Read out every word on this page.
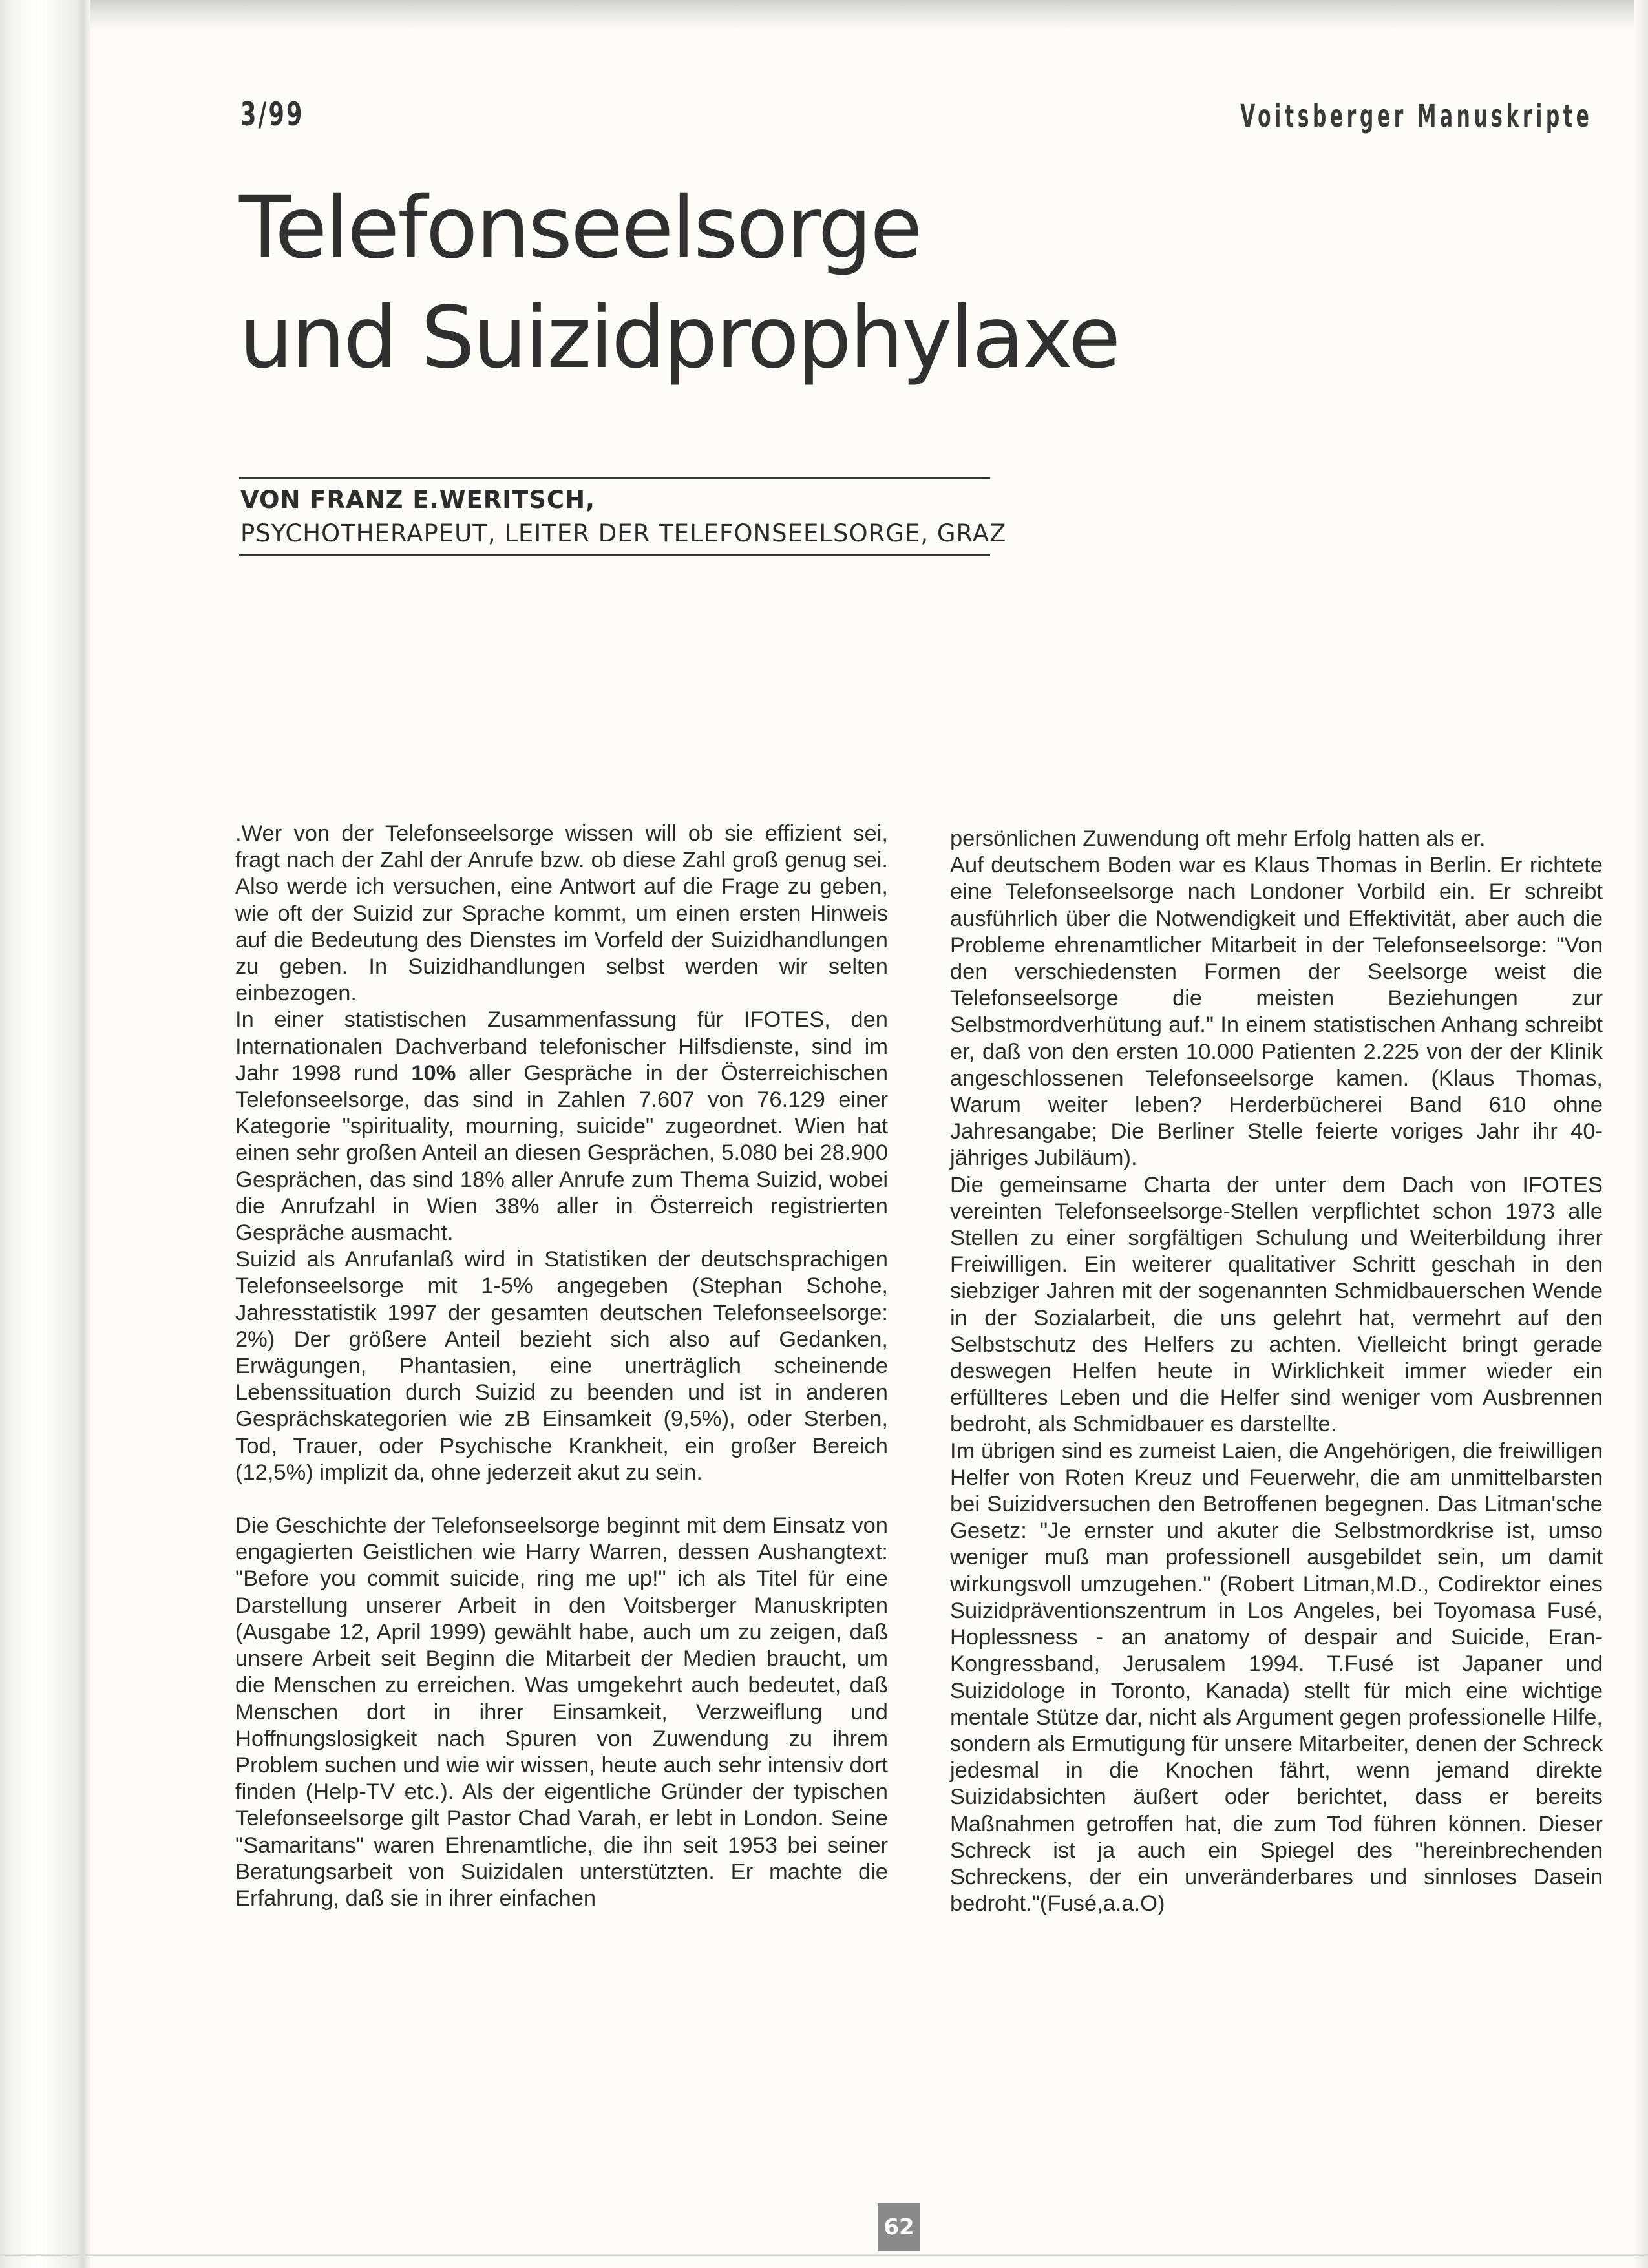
3/99	Voitsberger Manuskripte
Telefonseelsorge
und Suizidprophylaxe
VON FRANZ E.WERITSCH,
PSYCHOTHERAPEUT, LEITER DER TELEFONSEELSORGE, GRAZ

.Wer von der Telefonseelsorge wissen will ob sie effizient sei, fragt nach der Zahl der Anrufe bzw. ob diese Zahl groß genug sei. Also werde ich versuchen, eine Antwort auf die Frage zu geben, wie oft der Suizid zur Sprache kommt, um einen ersten Hinweis auf die Bedeutung des Dienstes im Vorfeld der Suizidhandlungen zu geben. In Suizidhandlungen selbst werden wir selten einbezogen.

In einer statistischen Zusammenfassung für IFOTES, den Internationalen Dachverband telefonischer Hilfsdienste, sind im Jahr 1998 rund 10% aller Gespräche in der Österreichischen Telefonseelsorge, das sind in Zahlen 7.607 von 76.129 einer Kategorie "spirituality, mourning, suicide" zugeordnet. Wien hat einen sehr großen Anteil an diesen Gesprächen, 5.080 bei 28.900 Gesprächen, das sind 18% aller Anrufe zum Thema Suizid, wobei die Anrufzahl in Wien 38% aller in Österreich registrierten Gespräche ausmacht.

Suizid als Anrufanlaß wird in Statistiken der deutschsprachigen Telefonseelsorge mit 1-5% angegeben (Stephan Schohe, Jahresstatistik 1997 der gesamten deutschen Telefonseelsorge: 2%) Der größere Anteil bezieht sich also auf Gedanken, Erwägungen, Phantasien, eine unerträglich scheinende Lebenssituation durch Suizid zu beenden und ist in anderen Gesprächskategorien wie zB Einsamkeit (9,5%), oder Sterben, Tod, Trauer, oder Psychische Krankheit, ein großer Bereich (12,5%) implizit da, ohne jederzeit akut zu sein.

Die Geschichte der Telefonseelsorge beginnt mit dem Einsatz von engagierten Geistlichen wie Harry Warren, dessen Aushangtext: "Before you commit suicide, ring me up!" ich als Titel für eine Darstellung unserer Arbeit in den Voitsberger Manuskripten (Ausgabe 12, April 1999) gewählt habe, auch um zu zeigen, daß unsere Arbeit seit Beginn die Mitarbeit der Medien braucht, um die Menschen zu erreichen. Was umgekehrt auch bedeutet, daß Menschen dort in ihrer Einsamkeit, Verzweiflung und Hoffnungslosigkeit nach Spuren von Zuwendung zu ihrem Problem suchen und wie wir wissen, heute auch sehr intensiv dort finden (Help-TV etc.). Als der eigentliche Gründer der typischen Telefonseelsorge gilt Pastor Chad Varah, er lebt in London. Seine "Samaritans" waren Ehrenamtliche, die ihn seit 1953 bei seiner Beratungsarbeit von Suizidalen unterstützten. Er machte die Erfahrung, daß sie in ihrer einfachen

persönlichen Zuwendung oft mehr Erfolg hatten als er.

Auf deutschem Boden war es Klaus Thomas in Berlin. Er richtete eine Telefonseelsorge nach Londoner Vorbild ein. Er schreibt ausführlich über die Notwendigkeit und Effektivität, aber auch die Probleme ehrenamtlicher Mitarbeit in der Telefonseelsorge: "Von den verschiedensten Formen der Seelsorge weist die Telefonseelsorge die meisten Beziehungen zur Selbstmordverhütung auf." In einem statistischen Anhang schreibt er, daß von den ersten 10.000 Patienten 2.225 von der der Klinik angeschlossenen Telefonseelsorge kamen. (Klaus Thomas, Warum weiter leben? Herderbücherei Band 610 ohne Jahresangabe; Die Berliner Stelle feierte voriges Jahr ihr 40-jähriges Jubiläum).

Die gemeinsame Charta der unter dem Dach von IFOTES vereinten Telefonseelsorge-Stellen verpflichtet schon 1973 alle Stellen zu einer sorgfältigen Schulung und Weiterbildung ihrer Freiwilligen. Ein weiterer qualitativer Schritt geschah in den siebziger Jahren mit der sogenannten Schmidbauerschen Wende in der Sozialarbeit, die uns gelehrt hat, vermehrt auf den Selbstschutz des Helfers zu achten. Vielleicht bringt gerade deswegen Helfen heute in Wirklichkeit immer wieder ein erfüllteres Leben und die Helfer sind weniger vom Ausbrennen bedroht, als Schmidbauer es darstellte.

Im übrigen sind es zumeist Laien, die Angehörigen, die freiwilligen Helfer von Roten Kreuz und Feuerwehr, die am unmittelbarsten bei Suizidversuchen den Betroffenen begegnen. Das Litman'sche Gesetz: "Je ernster und akuter die Selbstmordkrise ist, umso weniger muß man professionell ausgebildet sein, um damit wirkungsvoll umzugehen." (Robert Litman,M.D., Codirektor eines Suizidpräventionszentrum in Los Angeles, bei Toyomasa Fusé, Hoplessness - an anatomy of despair and Suicide, Eran- Kongressband, Jerusalem 1994. T.Fusé ist Japaner und Suizidologe in Toronto, Kanada) stellt für mich eine wichtige mentale Stütze dar, nicht als Argument gegen professionelle Hilfe, sondern als Ermutigung für unsere Mitarbeiter, denen der Schreck jedesmal in die Knochen fährt, wenn jemand direkte Suizidabsichten äußert oder berichtet, dass er bereits Maßnahmen getroffen hat, die zum Tod führen können. Dieser Schreck ist ja auch ein Spiegel des "hereinbrechenden Schreckens, der ein unveränderbares und sinnloses Dasein bedroht."(Fusé,a.a.O)

62
